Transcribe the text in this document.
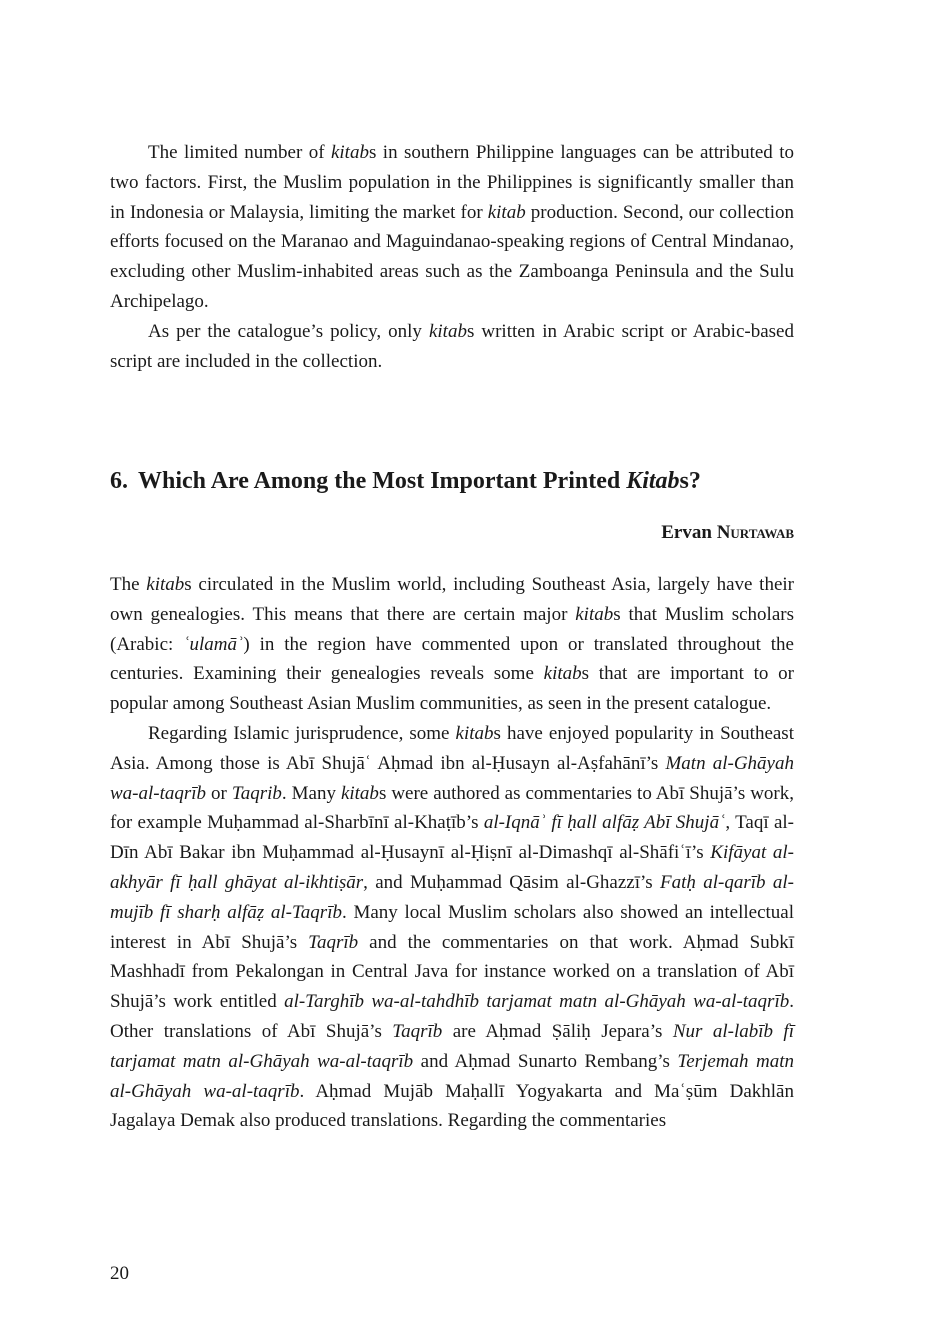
The limited number of kitabs in southern Philippine languages can be attributed to two factors. First, the Muslim population in the Philippines is significantly smaller than in Indonesia or Malaysia, limiting the market for kitab production. Second, our collection efforts focused on the Maranao and Maguindanao-speaking regions of Central Mindanao, excluding other Muslim-inhabited areas such as the Zamboanga Peninsula and the Sulu Archipelago.

As per the catalogue’s policy, only kitabs written in Arabic script or Arabic-based script are included in the collection.

6. Which Are Among the Most Important Printed Kitabs?
Ervan Nurtawab

The kitabs circulated in the Muslim world, including Southeast Asia, largely have their own genealogies. This means that there are certain major kitabs that Muslim scholars (Arabic: ʿulamāʾ) in the region have commented upon or translated throughout the centuries. Examining their genealogies reveals some kitabs that are important to or popular among Southeast Asian Muslim communities, as seen in the present catalogue.

Regarding Islamic jurisprudence, some kitabs have enjoyed popularity in Southeast Asia. Among those is Abī Shujāʿ Aḥmad ibn al-Ḥusayn al-Aṣfahānī’s Matn al-Ghāyah wa-al-taqrīb or Taqrib. Many kitabs were authored as commentaries to Abī Shujā’s work, for example Muḥammad al-Sharbīnī al-Khaṭīb’s al-Iqnāʾ fī ḥall alfāẓ Abī Shujāʿ, Taqī al-Dīn Abī Bakar ibn Muḥammad al-Ḥusaynī al-Ḥiṣnī al-Dimashqī al-Shāfiʿī’s Kifāyat al-akhyār fī ḥall ghāyat al-ikhtiṣār, and Muḥammad Qāsim al-Ghazzī’s Fatḥ al-qarīb al-mujīb fī sharḥ alfāẓ al-Taqrīb. Many local Muslim scholars also showed an intellectual interest in Abī Shujā’s Taqrīb and the commentaries on that work. Aḥmad Subkī Mashhadī from Pekalongan in Central Java for instance worked on a translation of Abī Shujā’s work entitled al-Targhīb wa-al-tahdhīb tarjamat matn al-Ghāyah wa-al-taqrīb. Other translations of Abī Shujā’s Taqrīb are Aḥmad Ṣāliḥ Jepara’s Nur al-labīb fī tarjamat matn al-Ghāyah wa-al-taqrīb and Aḥmad Sunarto Rembang’s Terjemah matn al-Ghāyah wa-al-taqrīb. Aḥmad Mujāb Maḥallī Yogyakarta and Maʿṣūm Dakhlān Jagalaya Demak also produced translations. Regarding the commentaries

20
